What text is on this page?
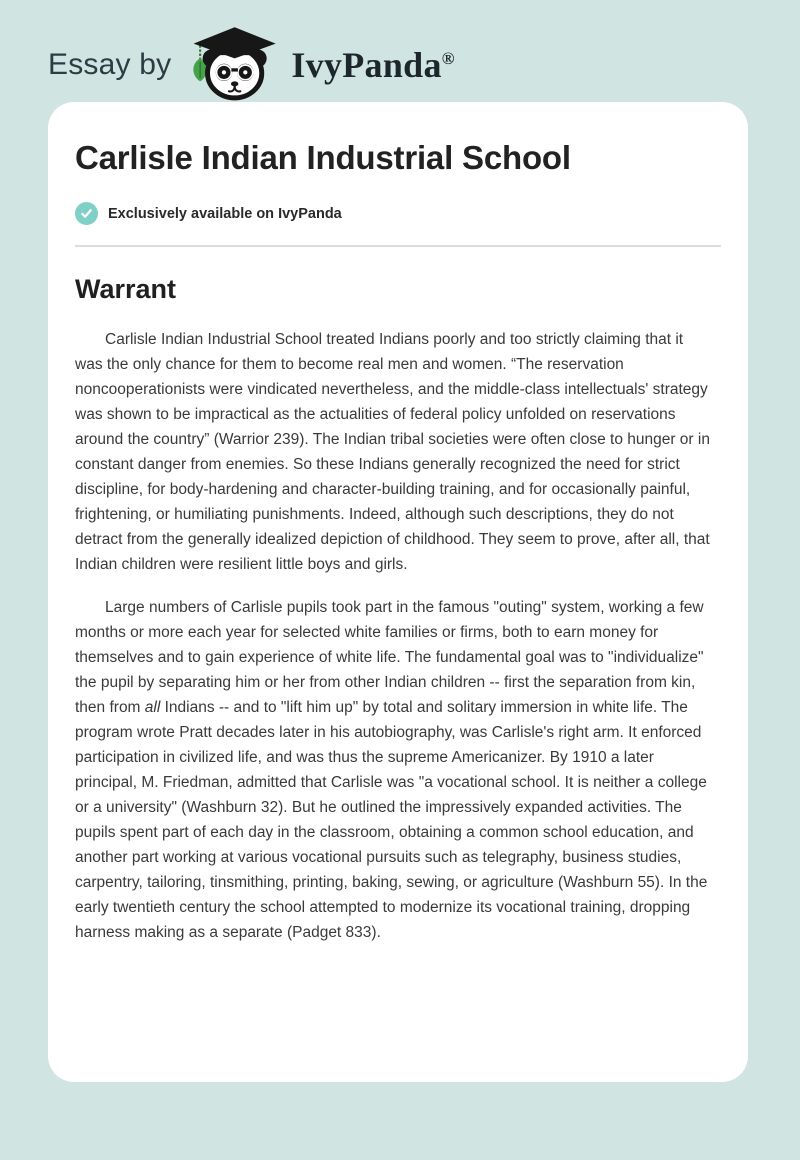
Essay by	IvyPanda®
Carlisle Indian Industrial School
Exclusively available on IvyPanda
Warrant

Carlisle Indian Industrial School treated Indians poorly and too strictly claiming that it was the only chance for them to become real men and women. “The reservation noncooperationists were vindicated nevertheless, and the middle-class intellectuals' strategy was shown to be impractical as the actualities of federal policy unfolded on reservations around the country” (Warrior 239). The Indian tribal societies were often close to hunger or in constant danger from enemies. So these Indians generally recognized the need for strict discipline, for body-hardening and character-building training, and for occasionally painful, frightening, or humiliating punishments. Indeed, although such descriptions, they do not detract from the generally idealized depiction of childhood. They seem to prove, after all, that Indian children were resilient little boys and girls.

Large numbers of Carlisle pupils took part in the famous "outing" system, working a few months or more each year for selected white families or firms, both to earn money for themselves and to gain experience of white life. The fundamental goal was to "individualize" the pupil by separating him or her from other Indian children -- first the separation from kin, then from all Indians -- and to "lift him up" by total and solitary immersion in white life. The program wrote Pratt decades later in his autobiography, was Carlisle's right arm. It enforced participation in civilized life, and was thus the supreme Americanizer. By 1910 a later principal, M. Friedman, admitted that Carlisle was "a vocational school. It is neither a college or a university" (Washburn 32). But he outlined the impressively expanded activities. The pupils spent part of each day in the classroom, obtaining a common school education, and another part working at various vocational pursuits such as telegraphy, business studies, carpentry, tailoring, tinsmithing, printing, baking, sewing, or agriculture (Washburn 55). In the early twentieth century the school attempted to modernize its vocational training, dropping harness making as a separate (Padget 833).
